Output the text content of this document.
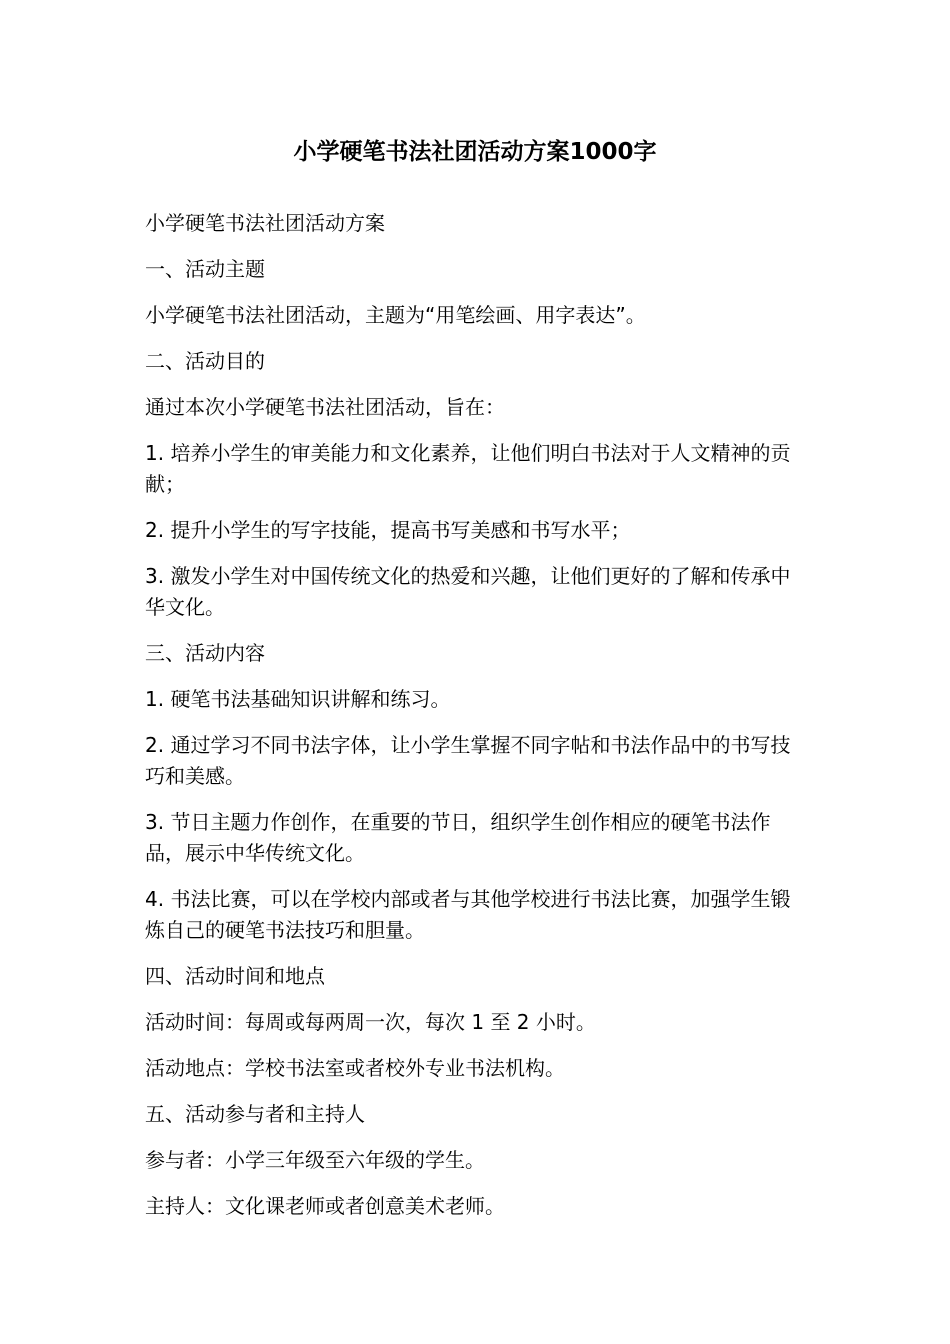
小学硬笔书法社团活动方案1000字

小学硬笔书法社团活动方案

一、活动主题

小学硬笔书法社团活动，主题为“用笔绘画、用字表达”。

二、活动目的

通过本次小学硬笔书法社团活动，旨在：

1. 培养小学生的审美能力和文化素养，让他们明白书法对于人文精神的贡献；

2. 提升小学生的写字技能，提高书写美感和书写水平；

3. 激发小学生对中国传统文化的热爱和兴趣，让他们更好的了解和传承中华文化。

三、活动内容

1. 硬笔书法基础知识讲解和练习。

2. 通过学习不同书法字体，让小学生掌握不同字帖和书法作品中的书写技巧和美感。

3. 节日主题力作创作，在重要的节日，组织学生创作相应的硬笔书法作品，展示中华传统文化。

4. 书法比赛，可以在学校内部或者与其他学校进行书法比赛，加强学生锻炼自己的硬笔书法技巧和胆量。

四、活动时间和地点

活动时间：每周或每两周一次，每次 1 至 2 小时。

活动地点：学校书法室或者校外专业书法机构。

五、活动参与者和主持人

参与者：小学三年级至六年级的学生。

主持人：文化课老师或者创意美术老师。
